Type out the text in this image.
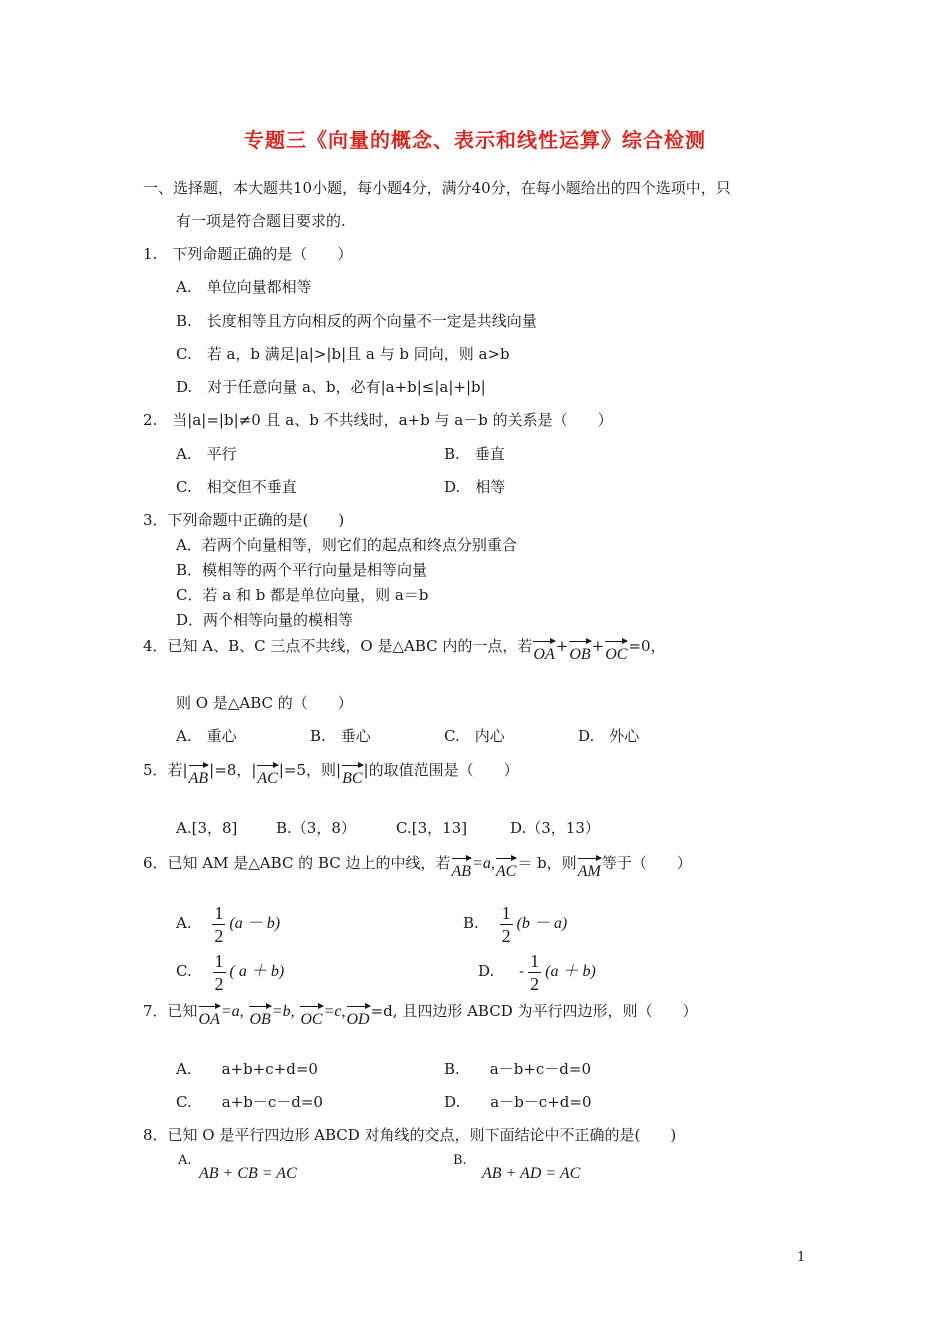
专题三《向量的概念、表示和线性运算》综合检测
一、选择题，本大题共10小题，每小题4分，满分40分，在每小题给出的四个选项中，只
有一项是符合题目要求的.
1.　下列命题正确的是（　　）
A.　单位向量都相等
B.　长度相等且方向相反的两个向量不一定是共线向量
C.　若 a，b 满足|a|>|b|且 a 与 b 同向，则 a>b
D.　对于任意向量 a、b，必有|a+b|≤|a|+|b|
2.　当|a|=|b|≠0 且 a、b 不共线时，a+b 与 a－b 的关系是（　　）
A.　平行	B.　垂直
C.　相交但不垂直	D.　相等
3．下列命题中正确的是(　　)
A．若两个向量相等，则它们的起点和终点分别重合
B．模相等的两个平行向量是相等向量
C．若 a 和 b 都是单位向量，则 a＝b
D．两个相等向量的模相等
4．已知 A、B、C 三点不共线，O 是△ABC 内的一点，若OA+OB+OC=0，
则 O 是△ABC 的（　　）
A.　重心	B.　垂心	C.　内心	D.　外心
5．若|AB|=8，|AC|=5，则|BC|的取值范围是（　　）
A.[3，8]	B.（3，8）	C.[3，13]	D.（3，13）
6．已知 AM 是△ABC 的 BC 边上的中线，若AB=a,AC＝ b，则AM等于（　　）
A. $\frac{1}{2} (a - b)$	B. $\frac{1}{2} (b - a)$
C. $\frac{1}{2}$ ( a ＋ b)	D. - $\frac{1}{2} (a + b)$
7．已知OA=a, OB=b, OC=c,OD=d, 且四边形 ABCD 为平行四边形，则（　　）
A.　　a+b+c+d=0	B.　　a－b+c－d=0
C.　　a+b－c－d=0	D.　　a－b－c+d=0
8．已知 O 是平行四边形 ABCD 对角线的交点，则下面结论中不正确的是(　　)
A.
AB + CB = AC
B.
AB + AD = AC
1
